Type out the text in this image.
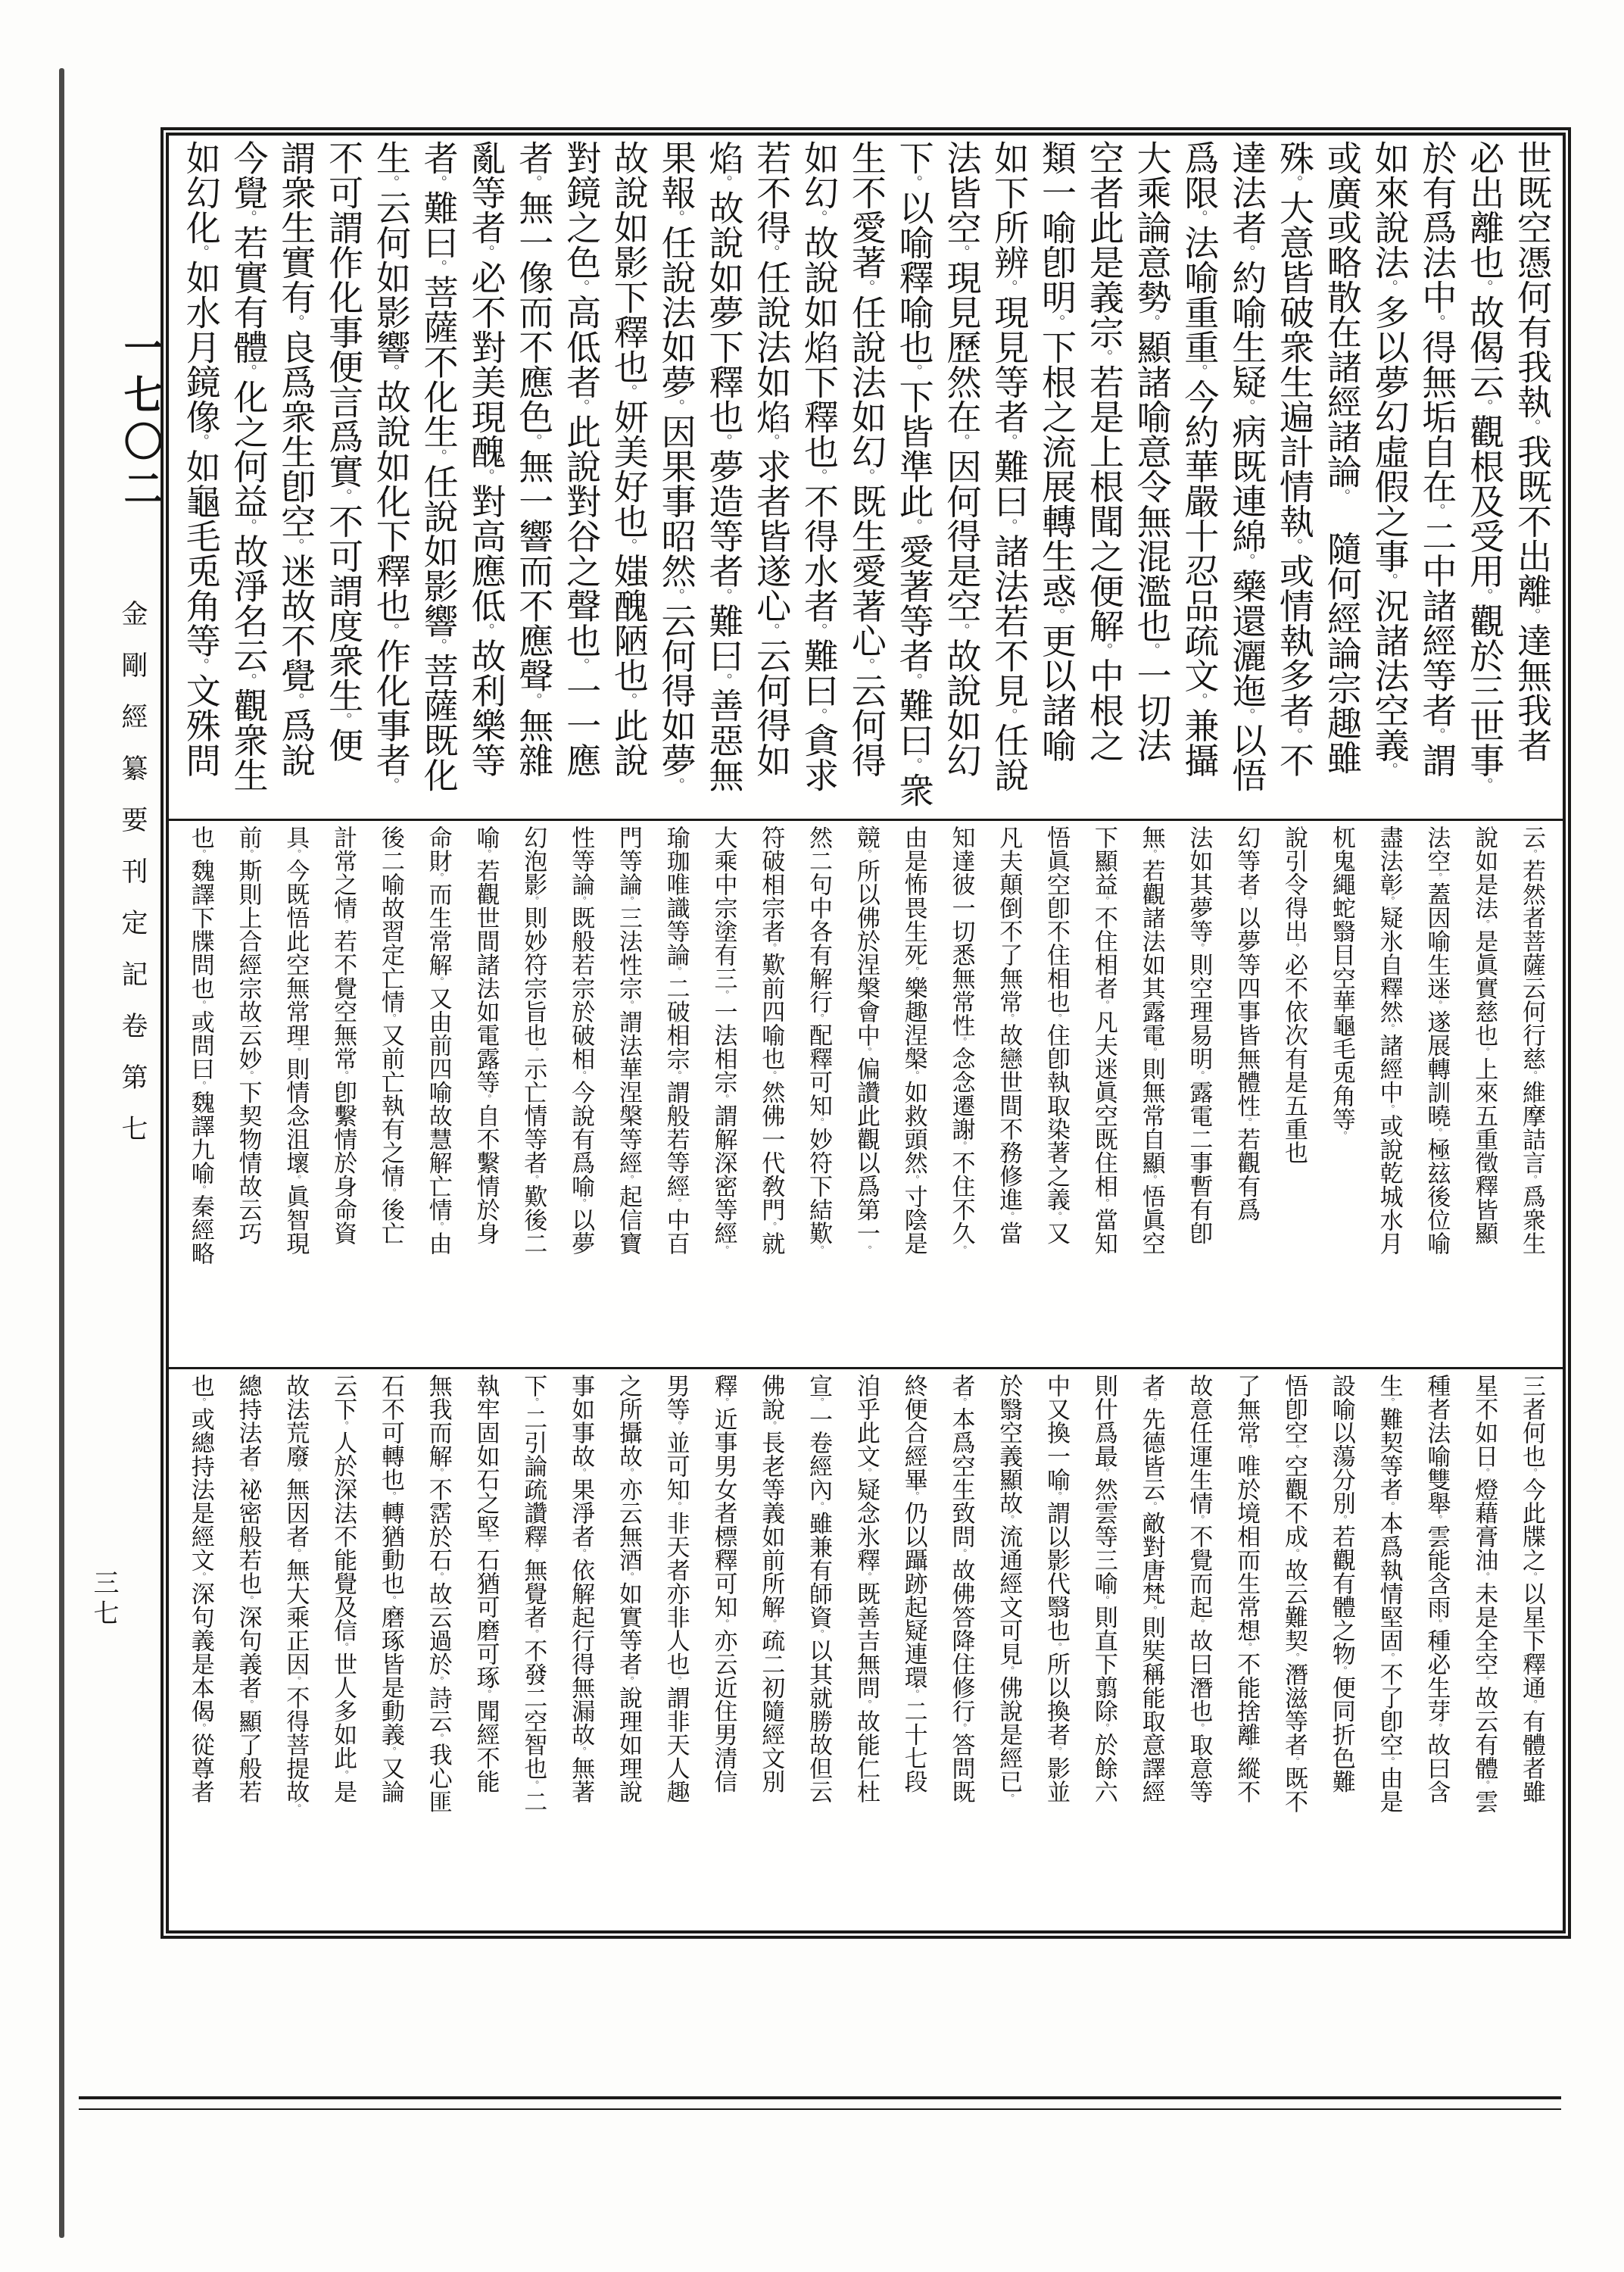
一七〇二
金剛經纂要刊定記卷第七
三七
世既空憑何有我執。我既不出離。達無我者
必出離也。故偈云。觀根及受用。觀於三世事。
於有爲法中。得無垢自在。二中諸經等者。謂
如來說法。多以夢幻虛假之事。況諸法空義。
或廣或略散在諸經諸論。　隨何經論宗趣雖
殊。大意皆破衆生遍計情執。或情執多者。不
達法者。約喻生疑。病既連綿。藥還灑迤。以悟
爲限。法喻重重。今約華嚴十忍品疏文。兼攝
大乘論意勢。顯諸喻意令無混濫也。一切法
空者此是義宗。若是上根聞之便解。中根之
類一喻卽明。下根之流展轉生惑。更以諸喻
如下所辨。現見等者。難曰。諸法若不見。任說
法皆空。現見歷然在。因何得是空。故說如幻
下。以喻釋喻也。下皆準此。愛著等者。難曰。衆
生不愛著。任說法如幻。既生愛著心。云何得
如幻。故說如焰下釋也。不得水者。難曰。貪求
若不得。任說法如焰。求者皆遂心。云何得如
焰。故說如夢下釋也。夢造等者。難曰。善惡無
果報。任說法如夢。因果事昭然。云何得如夢。
故說如影下釋也。妍美好也。媸醜陋也。此說
對鏡之色。高低者。此說對谷之聲也。一一應
者。無一像而不應色。無一響而不應聲。無雜
亂等者。必不對美現醜。對高應低。故利樂等
者。難曰。菩薩不化生。任說如影響。菩薩既化
生。云何如影響。故說如化下釋也。作化事者。
不可謂作化事便言爲實。不可謂度衆生。便
謂衆生實有。良爲衆生卽空。迷故不覺。爲說
今覺。若實有體。化之何益。故淨名云。觀衆生
如幻化。如水月鏡像。如龜毛兎角等。文殊問
云。若然者菩薩云何行慈。維摩詰言。爲衆生
說如是法。是眞實慈也。上來五重徵釋皆顯
法空。蓋因喻生迷。遂展轉訓曉。極玆後位喻
盡法彰。疑氷自釋然。諸經中。或說乾城水月
杌鬼繩蛇翳目空華龜毛兎角等。
說引令得出。必不依次有是五重也
幻等者。以夢等四事皆無體性。若觀有爲
法如其夢等。則空理易明。露電二事暫有卽
無。若觀諸法如其露電。則無常自顯。悟眞空
下顯益。不住相者。凡夫迷眞空既住相。當知
悟眞空卽不住相也。住卽執取染著之義。又
凡夫顛倒不了無常。故戀世間不務修進。當
知達彼一切悉無常性。念念遷謝。不住不久。
由是怖畏生死。樂趣涅槃。如救頭然。寸陰是
競。所以佛於涅槃會中。偏讚此觀以爲第一。
然二句中各有解行。配釋可知。妙符下結歎。
符破相宗者。歎前四喻也。然佛一代敎門。就
大乘中宗塗有三。一法相宗。謂解深密等經。
瑜珈唯識等論。二破相宗。謂般若等經。中百
門等論。三法性宗。謂法華涅槃等經。起信寶
性等論。既般若宗於破相。今說有爲喻。以夢
幻泡影。則妙符宗旨也。示亡情等者。歎後二
喻。若觀世間諸法如電露等。自不繫情於身
命財。而生常解。又由前四喻故慧解亡情。由
後二喻故習定亡情。又前亡執有之情。後亡
計常之情。若不覺空無常。卽繫情於身命資
具。今既悟此空無常理。則情念沮壞。眞智現
前。斯則上合經宗故云妙。下契物情故云巧
也。魏譯下牒問也。或問曰。魏譯九喻。秦經略
三者何也。今此牒之。以星下釋通。有體者雖
星不如日。燈藉膏油。未是全空。故云有體。雲
種者法喻雙舉。雲能含雨。種必生芽。故曰含
生。難契等者。本爲執情堅固。不了卽空。由是
設喻以蕩分別。若觀有體之物。便同折色難
悟卽空。空觀不成。故云難契。潛滋等者。既不
了無常。唯於境相而生常想。不能捨離。縱不
故意任運生情。不覺而起。故曰潛也。取意等
者。先德皆云。敵對唐梵。則奘稱能取意譯經
則什爲最。然雲等三喻。則直下翦除。於餘六
中又換一喻。謂以影代翳也。所以換者。影並
於翳空義顯故。流通經文可見。佛說是經已。
者。本爲空生致問。故佛答降住修行。答問既
終便合經畢。仍以躡跡起疑連環。二十七段
洎乎此文。疑念氷釋。既善吉無問。故能仁杜
宣。一卷經內。雖兼有師資。以其就勝故但云
佛說。長老等義如前所解。疏二初隨經文別
釋。近事男女者標釋可知。亦云近住男清信
男等。並可知。非天者亦非人也。謂非天人趣
之所攝故。亦云無酒。如實等者。說理如理說
事如事故。果淨者。依解起行得無漏故。無著
下。二引論疏讚釋。無覺者。不發二空智也。二
執牢固如石之堅。石猶可磨可琢。聞經不能
無我而解。不霑於石。故云過於。詩云。我心匪
石不可轉也。轉猶動也。磨琢皆是動義。又論
云下。人於深法不能覺及信。世人多如此。是
故法荒廢。無因者。無大乘正因。不得菩提故。
總持法者。祕密般若也。深句義者。顯了般若
也。或總持法是經文。深句義是本偈。從尊者
